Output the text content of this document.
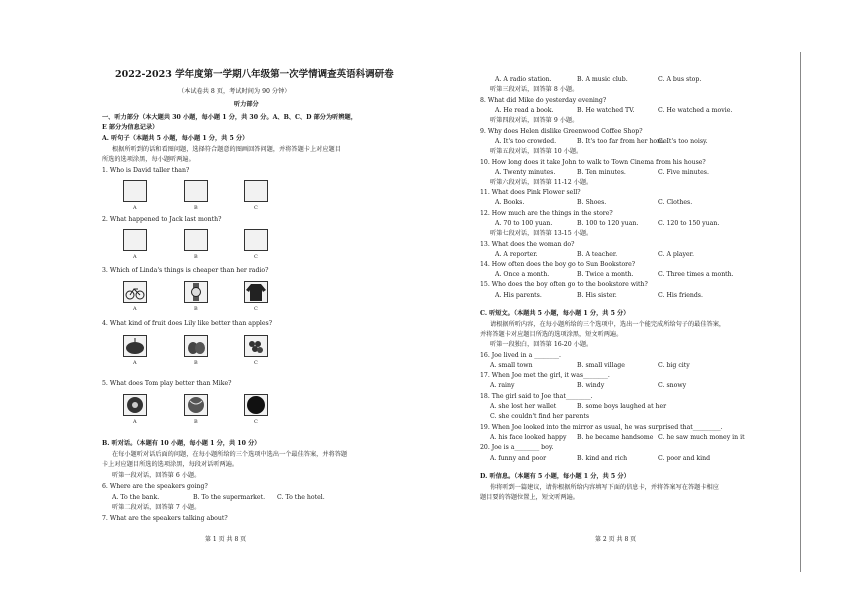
2022-2023 学年度第一学期八年级第一次学情调查英语科调研卷
（本试卷共 8 页，考试时间为 90 分钟）
听力部分
一、听力部分（本大题共 30 小题，每小题 1 分，共 30 分。A、B、C、D 部分为听辨题，
E 部分为信息记录）
A. 听句子（本题共 5 小题，每小题 1 分，共 5 分）
根据所听到的话和看图问题，选择符合题意的图画回答问题，并将答题卡上对应题目
所选的选项涂黑，每小题听两遍。
1. Who is David taller than?
A	B	C
2. What happened to Jack last month?
A	B	C
3. Which of Linda's things is cheaper than her radio?
A	B	C
4. What kind of fruit does Lily like better than apples?
A	B	C
5. What does Tom play better than Mike?
A	B	C
B. 听对话。（本题有 10 小题，每小题 1 分，共 10 分）
在每小题听对话后面的问题，在每小题所给的三个选项中选出一个最佳答案，并将答题
卡上对应题目所选的选项涂黑，每段对话听两遍。
听第一段对话，回答第 6 小题。
6. Where are the speakers going?
A. To the bank.	B. To the supermarket. C. To the hotel.
听第二段对话，回答第 7 小题。
7. What are the speakers talking about?
第 1 页 共 8 页
A. A radio station.	B. A music club.	C. A bus stop.
听第三段对话，回答第 8 小题。
8. What did Mike do yesterday evening?
A. He read a book.	B. He watched TV.	C. He watched a movie.
听第四段对话，回答第 9 小题。
9. Why does Helen dislike Greenwood Coffee Shop?
A. It's too crowded.	B. It's too far from her home.
C. It's too noisy.
听第五段对话，回答第 10 小题。
10. How long does it take John to walk to Town Cinema from his house?
A. Twenty minutes.	B. Ten minutes.	C. Five minutes.
听第六段对话，回答第 11-12 小题。
11. What does Pink Flower sell?
A. Books.	B. Shoes.	C. Clothes.
12. How much are the things in the store?
A. 70 to 100 yuan.	B. 100 to 120 yuan.	C. 120 to 150 yuan.
听第七段对话，回答第 13-15 小题。
13. What does the woman do?
A. A reporter.	B. A teacher.	C. A player.
14. How often does the boy go to Sun Bookstore?
A. Once a month.	B. Twice a month.	C. Three times a month.
15. Who does the boy often go to the bookstore with?
A. His parents.	B. His sister.	C. His friends.
C. 听短文。（本题共 5 小题，每小题 1 分，共 5 分）
请根据所听内容，在每小题所给的三个选项中，选出一个能完成所给句子的最佳答案，
并将答题卡对应题目所选的选项涂黑，短文听两遍。
听第一段独白，回答第 16-20 小题。
16. Joe lived in a ________.
A. small town	B. small village	C. big city
17. When Joe met the girl, it was________.
A. rainy	B. windy	C. snowy
18. The girl said to Joe that________.
A. she lost her wallet	B. some boys laughed at her
C. she couldn't find her parents
19. When Joe looked into the mirror as usual, he was surprised that_________.
A. his face looked happy B. he became handsome C. he saw much money in it
20. Joe is a________ boy.
A. funny and poor	B. kind and rich	C. poor and kind
D. 听信息。（本题有 5 小题，每小题 1 分，共 5 分）
你将听到一篇建议，请你根据所给内容填写下面的信息卡，并将答案写在答题卡相应
题目要的答题位置上，短文听两遍。
第 2 页 共 8 页
